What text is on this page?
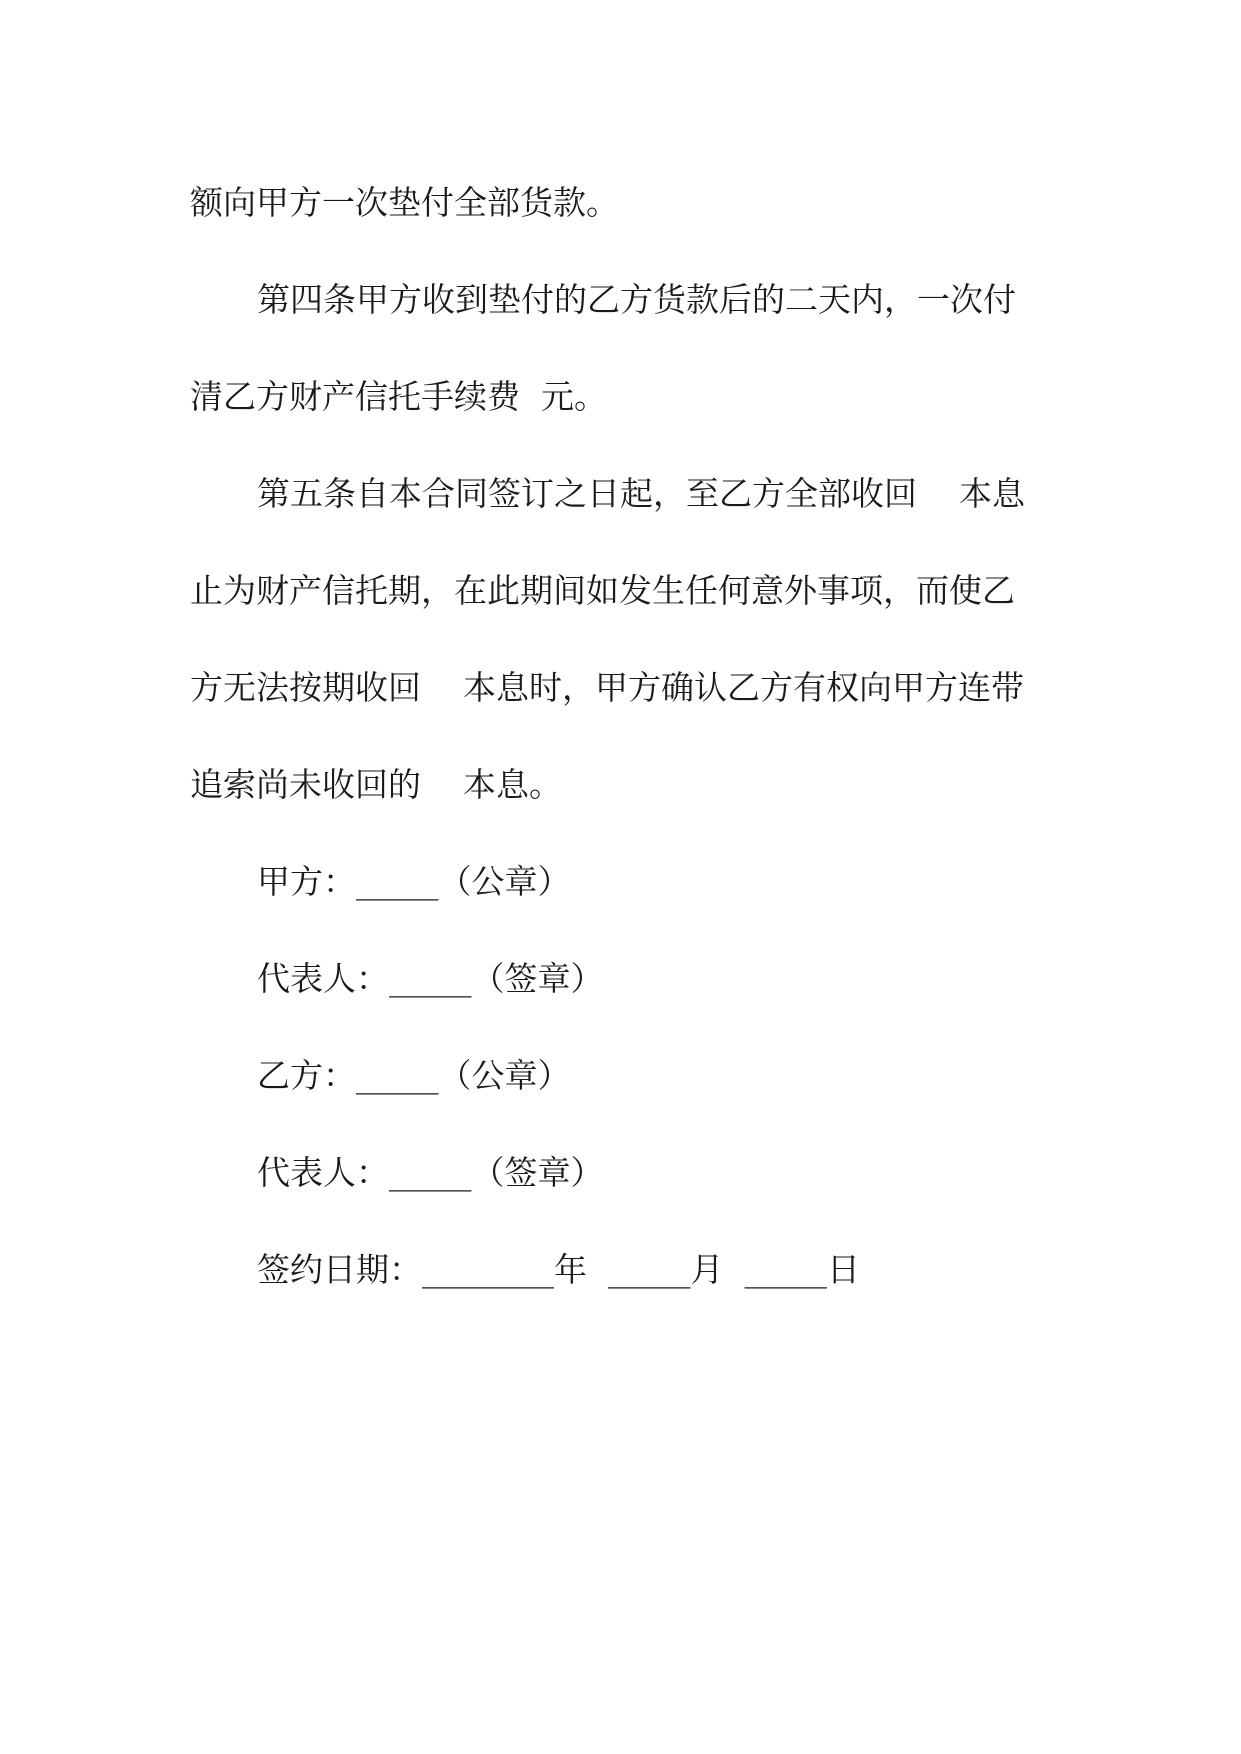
额向甲方一次垫付全部货款。
第四条甲方收到垫付的乙方货款后的二天内，一次付
清乙方财产信托手续费  元。
第五条自本合同签订之日起，至乙方全部收回    本息
止为财产信托期，在此期间如发生任何意外事项，而使乙
方无法按期收回    本息时，甲方确认乙方有权向甲方连带
追索尚未收回的    本息。
甲方：_____（公章）
代表人：_____（签章）
乙方：_____（公章）
代表人：_____（签章）
签约日期：________年  _____月  _____日
